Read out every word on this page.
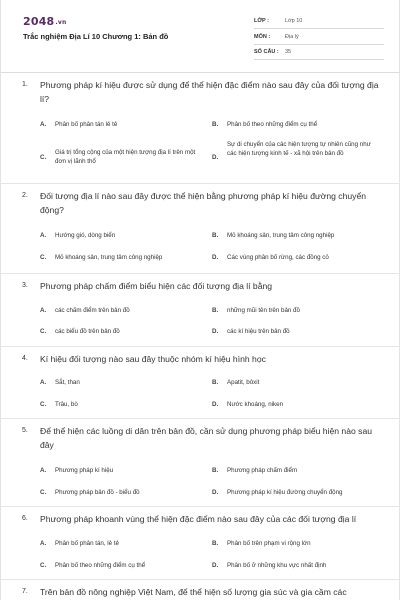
2048.vn
Trắc nghiệm Địa Lí 10 Chương 1: Bản đồ
LỚP :	Lớp 10
MÔN :	Địa lý
SỐ CÂU : 35
1. Phương pháp kí hiệu được sử dụng để thể hiện đặc điểm nào sau đây của đối tượng địa lí?
A. Phân bố phân tán lẻ tẻ	B. Phân bố theo những điểm cụ thể
C.
Giá trị tổng cộng của một hiện tượng địa lí trên một đơn vị lãnh thổ
D.
Sự di chuyển của các hiện tượng tự nhiên cũng như các hiện tượng kinh tế - xã hội trên bản đồ
2. Đối tượng địa lí nào sau đây được thể hiện bằng phương pháp kí hiệu đường chuyển động?
A. Hướng gió, dòng biển	B. Mỏ khoáng sản, trung tâm công nghiệp
C. Mỏ khoáng sản, trung tâm công nghiệp	D. Các vùng phân bố rừng, các đồng cỏ
3. Phương pháp chấm điểm biểu hiện các đối tượng địa lí bằng
A. các chấm điểm trên bản đồ	B. những mũi tên trên bản đồ
C. các biểu đồ trên bản đồ	D. các kí hiệu trên bản đồ
4. Kí hiệu đối tượng nào sau đây thuộc nhóm kí hiệu hình học
A. Sắt, than	B. Apatit, bôxit
C. Trâu, bò	D. Nước khoáng, niken
5. Để thể hiện các luồng di dân trên bản đồ, cần sử dụng phương pháp biểu hiện nào sau đây
A. Phương pháp kí hiệu	B. Phương pháp chấm điểm
C. Phương pháp bản đồ - biểu đồ	D. Phương pháp kí hiệu đường chuyển động
6. Phương pháp khoanh vùng thể hiện đặc điểm nào sau đây của các đối tượng địa lí
A. Phân bố phân tán, lẻ tẻ	B. Phân bố trên phạm vi rộng lớn
C. Phân bố theo những điểm cụ thể	D. Phân bố ở những khu vực nhất định
7. Trên bản đồ nông nghiệp Việt Nam, để thể hiện số lượng gia súc và gia cầm các
